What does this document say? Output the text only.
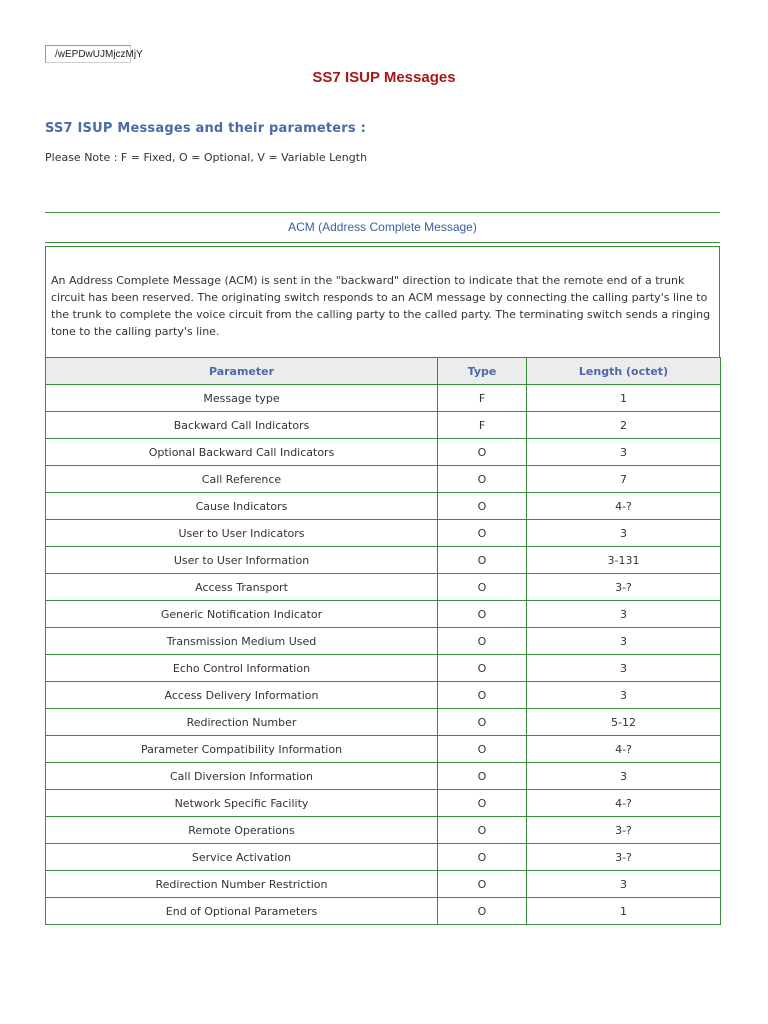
/wEPDwUJMjczMjY
SS7 ISUP Messages
SS7 ISUP Messages and their parameters :
Please Note : F = Fixed, O = Optional, V = Variable Length
ACM (Address Complete Message)
An Address Complete Message (ACM) is sent in the "backward" direction to indicate that the remote end of a trunk circuit has been reserved. The originating switch responds to an ACM message by connecting the calling party's line to the trunk to complete the voice circuit from the calling party to the called party. The terminating switch sends a ringing tone to the calling party's line.
Parameter	Type	Length (octet)
Message type	F	1
Backward Call Indicators	F	2
Optional Backward Call Indicators	O	3
Call Reference	O	7
Cause Indicators	O	4-?
User to User Indicators	O	3
User to User Information	O	3-131
Access Transport	O	3-?
Generic Notification Indicator	O	3
Transmission Medium Used	O	3
Echo Control Information	O	3
Access Delivery Information	O	3
Redirection Number	O	5-12
Parameter Compatibility Information	O	4-?
Call Diversion Information	O	3
Network Specific Facility	O	4-?
Remote Operations	O	3-?
Service Activation	O	3-?
Redirection Number Restriction	O	3
End of Optional Parameters	O	1
